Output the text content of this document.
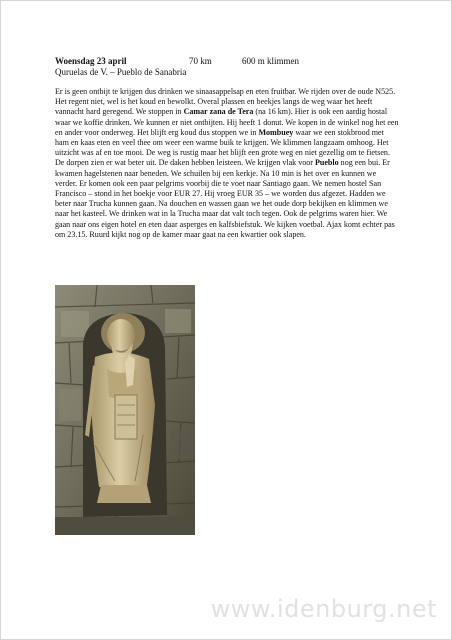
Woensdag 23 april	70 km	600 m klimmen
Quruelas de V. – Pueblo de Sanabria

Er is geen ontbijt te krijgen dus drinken we sinaasappelsap en eten fruitbar. We rijden over de oude N525. Het regent niet, wel is het koud en bewolkt. Overal plassen en beekjes langs de weg waar het heeft vannacht hard geregend. We stoppen in Camar zana de Tera (na 16 km). Hier is ook een aardig hostal waar we koffie drinken. We kunnen er niet ontbijten. Hij heeft 1 donut. We kopen in de winkel nog het een en ander voor onderweg. Het blijft erg koud dus stoppen we in Mombuey waar we een stokbrood met ham en kaas eten en veel thee om weer een warme buik te krijgen. We klimmen langzaam omhoog. Het uitzicht was af en toe mooi. De weg is rustig maar het blijft een grote weg en niet gezellig om te fietsen. De dorpen zien er wat beter uit. De daken hebben leisteen. We krijgen vlak voor Pueblo nog een bui. Er kwamen hagelstenen naar beneden. We schuilen bij een kerkje. Na 10 min is het over en kunnen we verder. Er komen ook een paar pelgrims voorbij die te voet naar Santiago gaan. We nemen hostel San Francisco – stond in het boekje voor EUR 27. Hij vroeg EUR 35 – we worden dus afgezet. Hadden we beter naar Trucha kunnen gaan. Na douchen en wassen gaan we het oude dorp bekijken en klimmen we naar het kasteel. We drinken wat in la Trucha maar dat valt toch tegen. Ook de pelgrims waren hier. We gaan naar ons eigen hotel en eten daar asperges en kalfsbiefstuk. We kijken voetbal. Ajax komt echter pas om 23.15. Ruurd kijkt nog op de kamer maar gaat na een kwartier ook slapen.

www.idenburg.net
